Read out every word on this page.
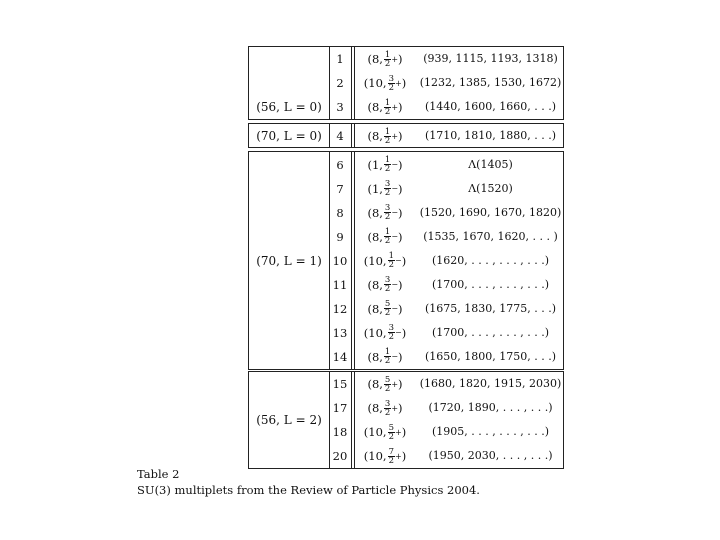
(56, L = 0)
1	( 8 , $\frac{1}{2}$ + )	(939, 1115, 1193, 1318)
2	( 10 , $\frac{3}{2}$ + )	(1232, 1385, 1530, 1672)
3	( 8 , $\frac{1}{2}$ + )	(1440, 1600, 1660, . . .)
(70, L = 0)	4	( 8 , $\frac{1}{2}$ + )	(1710, 1810, 1880, . . .)
(70, L = 1)
6	( 1 , $\frac{1}{2}$ − )	Λ(1405)
7	( 1 , $\frac{3}{2}$ − )	Λ(1520)
8	( 8 , $\frac{3}{2}$ − )	(1520, 1690, 1670, 1820)
9	( 8 , $\frac{1}{2}$ − )	(1535, 1670, 1620, . . . )
10	( 10 , $\frac{1}{2}$ − )	(1620, . . . , . . . , . . .)
11	( 8 , $\frac{3}{2}$ − )	(1700, . . . , . . . , . . .)
12	( 8 , $\frac{5}{2}$ − )	(1675, 1830, 1775, . . .)
13	( 10 , $\frac{3}{2}$ − )	(1700, . . . , . . . , . . .)
14	( 8 , $\frac{1}{2}$ − )	(1650, 1800, 1750, . . .)
(56, L = 2)
15	( 8 , $\frac{5}{2}$ + )	(1680, 1820, 1915, 2030)
17	( 8 , $\frac{3}{2}$ + )	(1720, 1890, . . . , . . .)
18	( 10 , $\frac{5}{2}$ + )	(1905, . . . , . . . , . . .)
20	( 10 , $\frac{7}{2}$ + )	(1950, 2030, . . . , . . .)
Table 2
SU(3) multiplets from the Review of Particle Physics 2004.
